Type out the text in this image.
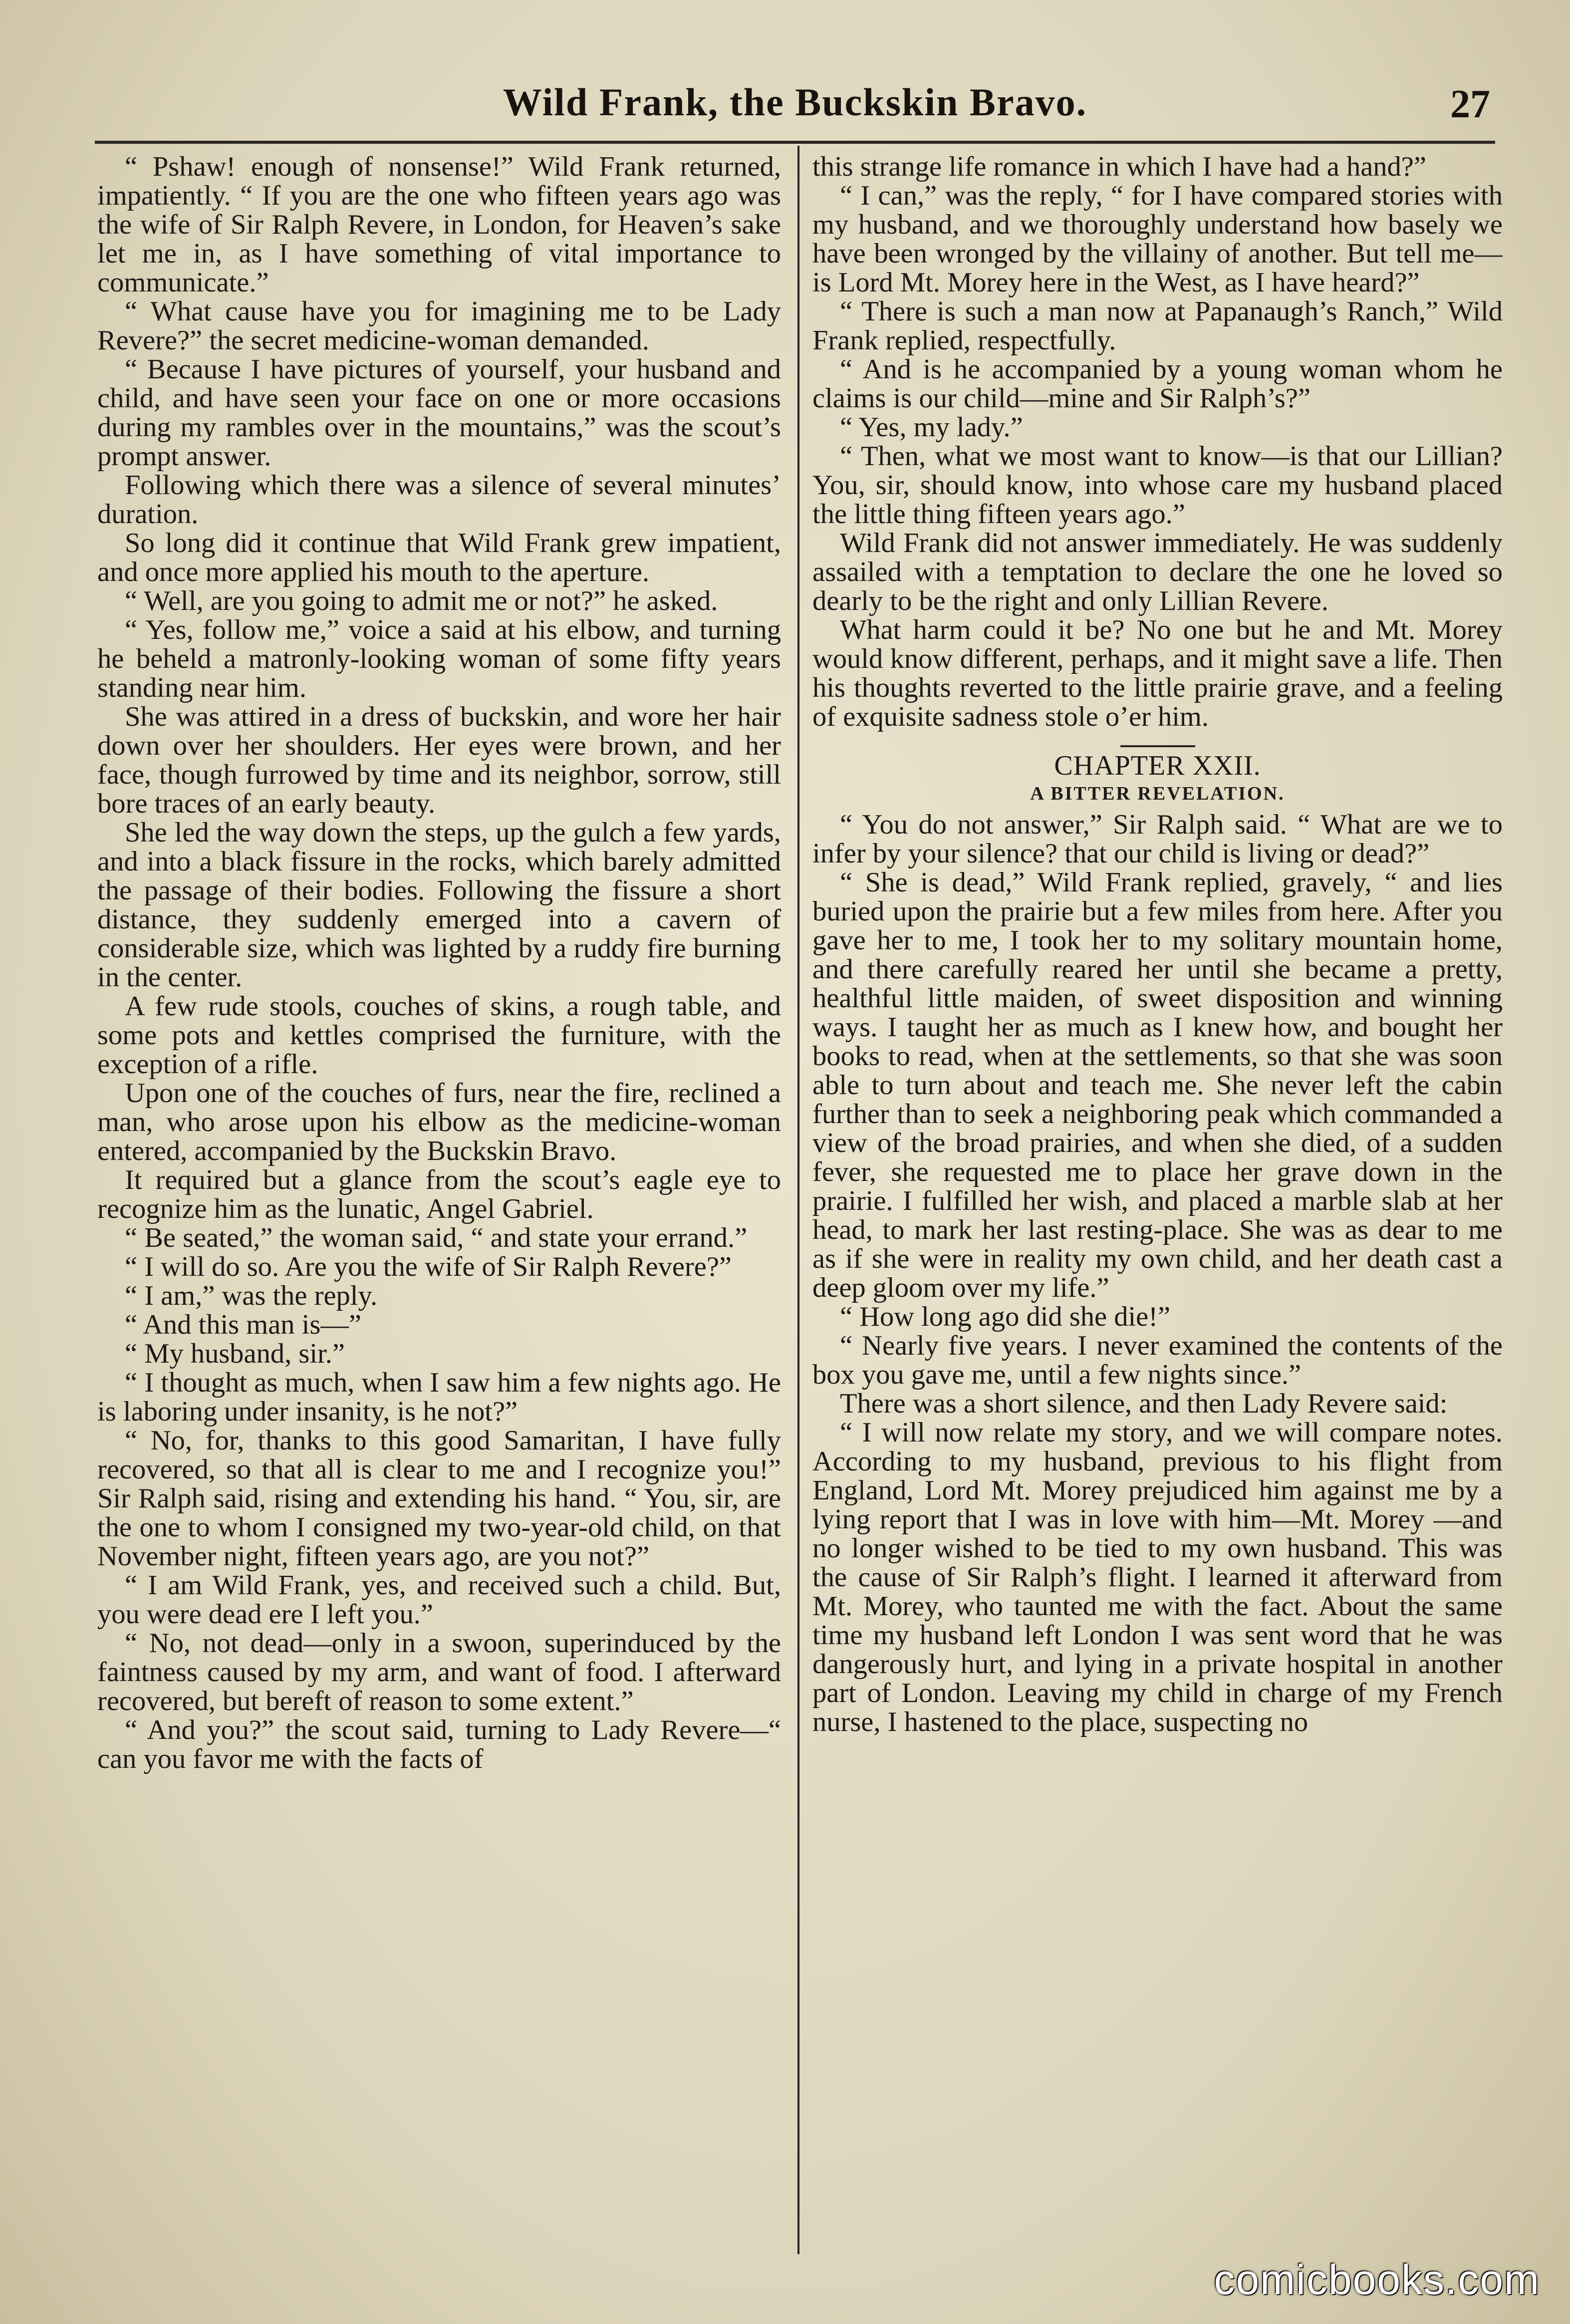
Wild Frank, the Buckskin Bravo.	27

“ Pshaw! enough of nonsense!” Wild Frank returned, impatiently. “ If you are the one who fifteen years ago was the wife of Sir Ralph Revere, in London, for Heaven’s sake let me in, as I have something of vital importance to communicate.”

“ What cause have you for imagining me to be Lady Revere?” the secret medicine-woman demanded.

“ Because I have pictures of yourself, your husband and child, and have seen your face on one or more occasions during my rambles over in the mountains,” was the scout’s prompt answer.

Following which there was a silence of several minutes’ duration.

So long did it continue that Wild Frank grew impatient, and once more applied his mouth to the aperture.

“ Well, are you going to admit me or not?” he asked.

“ Yes, follow me,” voice a said at his elbow, and turning he beheld a matronly-looking woman of some fifty years standing near him.

She was attired in a dress of buckskin, and wore her hair down over her shoulders. Her eyes were brown, and her face, though furrowed by time and its neighbor, sorrow, still bore traces of an early beauty.

She led the way down the steps, up the gulch a few yards, and into a black fissure in the rocks, which barely admitted the passage of their bodies. Following the fissure a short distance, they suddenly emerged into a cavern of considerable size, which was lighted by a ruddy fire burning in the center.

A few rude stools, couches of skins, a rough table, and some pots and kettles comprised the furniture, with the exception of a rifle.

Upon one of the couches of furs, near the fire, reclined a man, who arose upon his elbow as the medicine-woman entered, accompanied by the Buckskin Bravo.

It required but a glance from the scout’s eagle eye to recognize him as the lunatic, Angel Gabriel.

“ Be seated,” the woman said, “ and state your errand.”

“ I will do so. Are you the wife of Sir Ralph Revere?”

“ I am,” was the reply.

“ And this man is—”

“ My husband, sir.”

“ I thought as much, when I saw him a few nights ago. He is laboring under insanity, is he not?”

“ No, for, thanks to this good Samaritan, I have fully recovered, so that all is clear to me and I recognize you!” Sir Ralph said, rising and extending his hand. “ You, sir, are the one to whom I consigned my two-year-old child, on that November night, fifteen years ago, are you not?”

“ I am Wild Frank, yes, and received such a child. But, you were dead ere I left you.”

“ No, not dead—only in a swoon, superinduced by the faintness caused by my arm, and want of food. I afterward recovered, but bereft of reason to some extent.”

“ And you?” the scout said, turning to Lady Revere—“ can you favor me with the facts of

this strange life romance in which I have had a hand?”

“ I can,” was the reply, “ for I have compared stories with my husband, and we thoroughly understand how basely we have been wronged by the villainy of another. But tell me—is Lord Mt. Morey here in the West, as I have heard?”

“ There is such a man now at Papanaugh’s Ranch,” Wild Frank replied, respectfully.

“ And is he accompanied by a young woman whom he claims is our child—mine and Sir Ralph’s?”

“ Yes, my lady.”

“ Then, what we most want to know—is that our Lillian? You, sir, should know, into whose care my husband placed the little thing fifteen years ago.”

Wild Frank did not answer immediately. He was suddenly assailed with a temptation to declare the one he loved so dearly to be the right and only Lillian Revere.

What harm could it be? No one but he and Mt. Morey would know different, perhaps, and it might save a life. Then his thoughts reverted to the little prairie grave, and a feeling of exquisite sadness stole o’er him.

CHAPTER XXII.
A BITTER REVELATION.

“ You do not answer,” Sir Ralph said. “ What are we to infer by your silence? that our child is living or dead?”

“ She is dead,” Wild Frank replied, gravely, “ and lies buried upon the prairie but a few miles from here. After you gave her to me, I took her to my solitary mountain home, and there carefully reared her until she became a pretty, healthful little maiden, of sweet disposition and winning ways. I taught her as much as I knew how, and bought her books to read, when at the settlements, so that she was soon able to turn about and teach me. She never left the cabin further than to seek a neighboring peak which commanded a view of the broad prairies, and when she died, of a sudden fever, she requested me to place her grave down in the prairie. I fulfilled her wish, and placed a marble slab at her head, to mark her last resting-place. She was as dear to me as if she were in reality my own child, and her death cast a deep gloom over my life.”

“ How long ago did she die!”

“ Nearly five years. I never examined the contents of the box you gave me, until a few nights since.”

There was a short silence, and then Lady Revere said:

“ I will now relate my story, and we will compare notes. According to my husband, previous to his flight from England, Lord Mt. Morey prejudiced him against me by a lying report that I was in love with him—Mt. Morey —and no longer wished to be tied to my own husband. This was the cause of Sir Ralph’s flight. I learned it afterward from Mt. Morey, who taunted me with the fact. About the same time my husband left London I was sent word that he was dangerously hurt, and lying in a private hospital in another part of London. Leaving my child in charge of my French nurse, I hastened to the place, suspecting no

comicbooks.com
